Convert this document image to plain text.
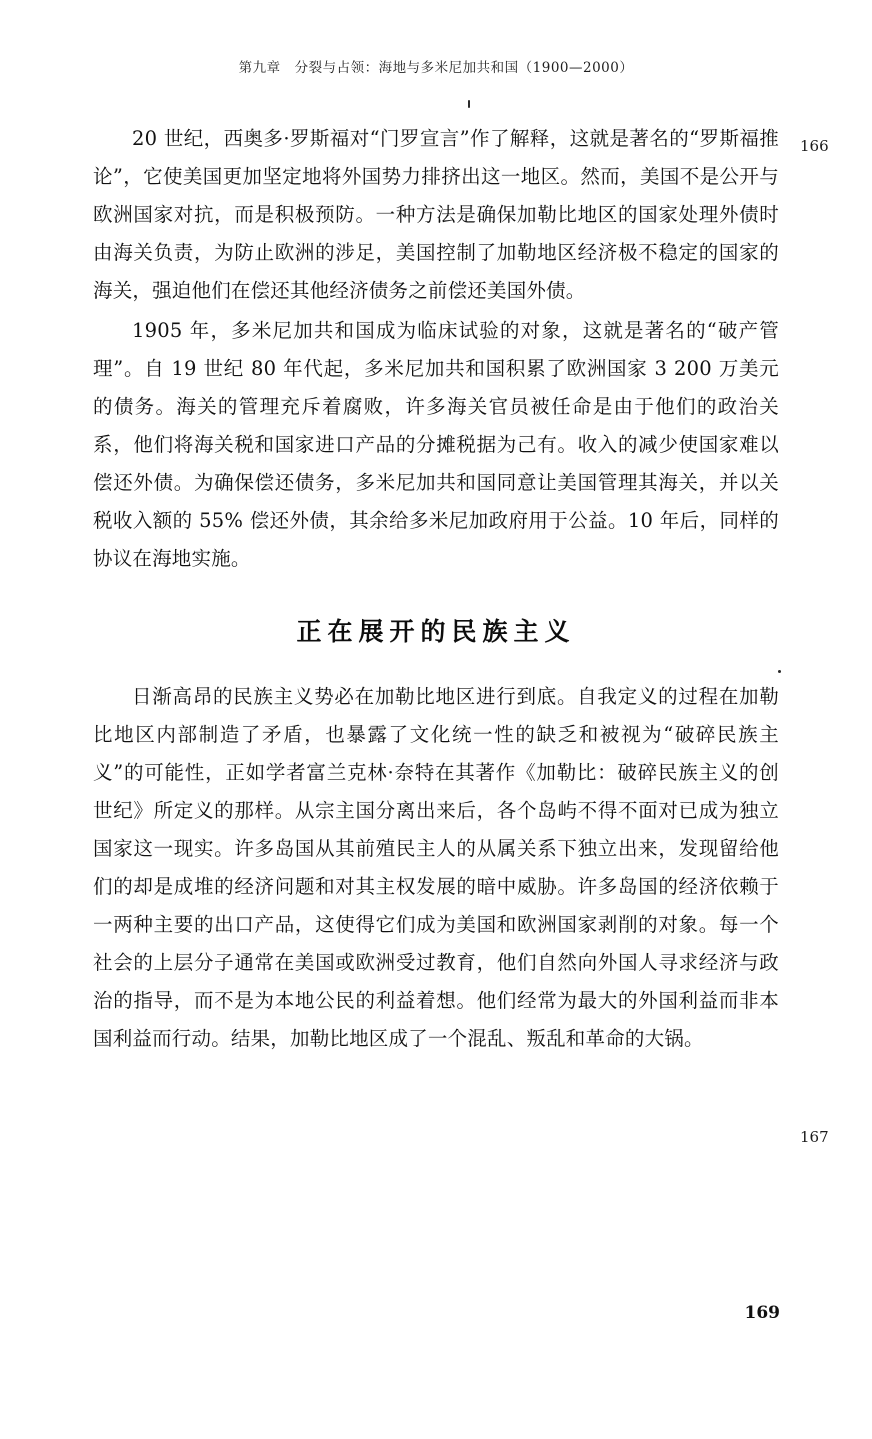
第九章　分裂与占领：海地与多米尼加共和国（1900—2000）
166
167

20 世纪，西奥多·罗斯福对“门罗宣言”作了解释，这就是著名的“罗斯福推论”，它使美国更加坚定地将外国势力排挤出这一地区。然而，美国不是公开与欧洲国家对抗，而是积极预防。一种方法是确保加勒比地区的国家处理外债时由海关负责，为防止欧洲的涉足，美国控制了加勒地区经济极不稳定的国家的海关，强迫他们在偿还其他经济债务之前偿还美国外债。

1905 年，多米尼加共和国成为临床试验的对象，这就是著名的“破产管理”。自 19 世纪 80 年代起，多米尼加共和国积累了欧洲国家 3 200 万美元的债务。海关的管理充斥着腐败，许多海关官员被任命是由于他们的政治关系，他们将海关税和国家进口产品的分摊税据为己有。收入的减少使国家难以偿还外债。为确保偿还债务，多米尼加共和国同意让美国管理其海关，并以关税收入额的 55% 偿还外债，其余给多米尼加政府用于公益。10 年后，同样的协议在海地实施。

正在展开的民族主义

日渐高昂的民族主义势必在加勒比地区进行到底。自我定义的过程在加勒比地区内部制造了矛盾，也暴露了文化统一性的缺乏和被视为“破碎民族主义”的可能性，正如学者富兰克林·奈特在其著作《加勒比：破碎民族主义的创世纪》所定义的那样。从宗主国分离出来后，各个岛屿不得不面对已成为独立国家这一现实。许多岛国从其前殖民主人的从属关系下独立出来，发现留给他们的却是成堆的经济问题和对其主权发展的暗中威胁。许多岛国的经济依赖于一两种主要的出口产品，这使得它们成为美国和欧洲国家剥削的对象。每一个社会的上层分子通常在美国或欧洲受过教育，他们自然向外国人寻求经济与政治的指导，而不是为本地公民的利益着想。他们经常为最大的外国利益而非本国利益而行动。结果，加勒比地区成了一个混乱、叛乱和革命的大锅。

169
